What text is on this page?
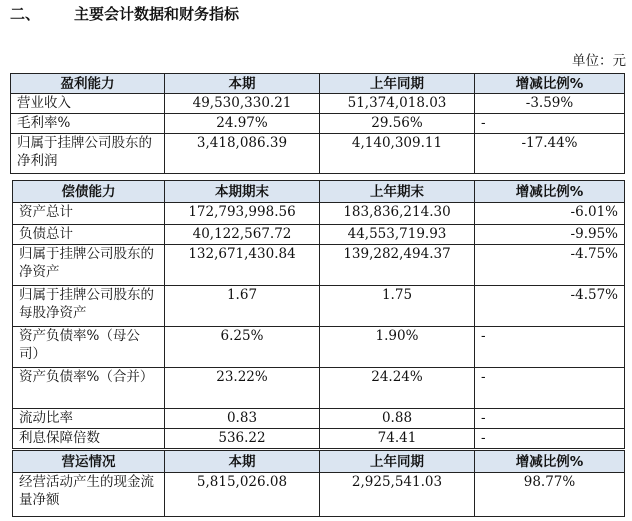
二、 主要会计数据和财务指标
单位：元
盈利能力	本期	上年同期	增减比例%
营业收入	49,530,330.21	51,374,018.03	-3.59%
毛利率%	24.97%	29.56%	-
归属于挂牌公司股东的净利润	3,418,086.39	4,140,309.11	-17.44%
偿债能力	本期期末	上年期末	增减比例%
资产总计	172,793,998.56	183,836,214.30	-6.01%
负债总计	40,122,567.72	44,553,719.93	-9.95%
归属于挂牌公司股东的净资产	132,671,430.84	139,282,494.37	-4.75%
归属于挂牌公司股东的每股净资产	1.67	1.75	-4.57%
资产负债率%（母公司）	6.25%	1.90%	-
资产负债率%（合并）	23.22%	24.24%	-
流动比率	0.83	0.88	-
利息保障倍数	536.22	74.41	-
营运情况	本期	上年同期	增减比例%
经营活动产生的现金流量净额	5,815,026.08	2,925,541.03	98.77%
